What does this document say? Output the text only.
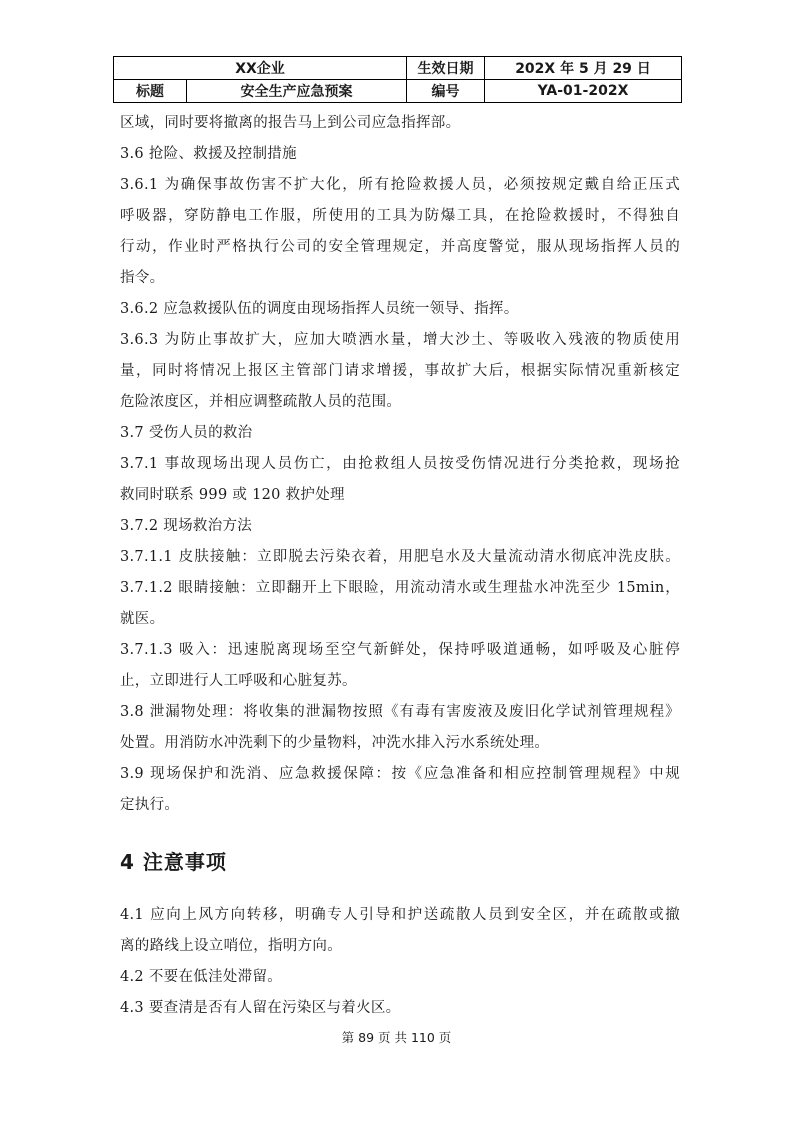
XX企业		生效日期	202X 年 5 月 29 日
标题	安全生产应急预案	编号	YA-01-202X
区域，同时要将撤离的报告马上到公司应急指挥部。
3.6 抢险、救援及控制措施
3.6.1 为确保事故伤害不扩大化，所有抢险救援人员，必须按规定戴自给正压式
呼吸器，穿防静电工作服，所使用的工具为防爆工具，在抢险救援时，不得独自
行动，作业时严格执行公司的安全管理规定，并高度警觉，服从现场指挥人员的
指令。
3.6.2 应急救援队伍的调度由现场指挥人员统一领导、指挥。
3.6.3 为防止事故扩大，应加大喷洒水量，增大沙土、等吸收入残液的物质使用
量，同时将情况上报区主管部门请求增援，事故扩大后，根据实际情况重新核定
危险浓度区，并相应调整疏散人员的范围。
3.7 受伤人员的救治
3.7.1 事故现场出现人员伤亡，由抢救组人员按受伤情况进行分类抢救，现场抢
救同时联系 999 或 120 救护处理
3.7.2 现场救治方法
3.7.1.1 皮肤接触：立即脱去污染衣着，用肥皂水及大量流动清水彻底冲洗皮肤。
3.7.1.2 眼睛接触：立即翻开上下眼睑，用流动清水或生理盐水冲洗至少 15min，
就医。
3.7.1.3 吸入：迅速脱离现场至空气新鲜处，保持呼吸道通畅，如呼吸及心脏停
止，立即进行人工呼吸和心脏复苏。
3.8 泄漏物处理：将收集的泄漏物按照《有毒有害废液及废旧化学试剂管理规程》
处置。用消防水冲洗剩下的少量物料，冲洗水排入污水系统处理。
3.9 现场保护和洗消、应急救援保障：按《应急准备和相应控制管理规程》中规
定执行。
4 注意事项
4.1 应向上风方向转移，明确专人引导和护送疏散人员到安全区，并在疏散或撤
离的路线上设立哨位，指明方向。
4.2 不要在低洼处滞留。
4.3 要查清是否有人留在污染区与着火区。
第 89 页 共 110 页
